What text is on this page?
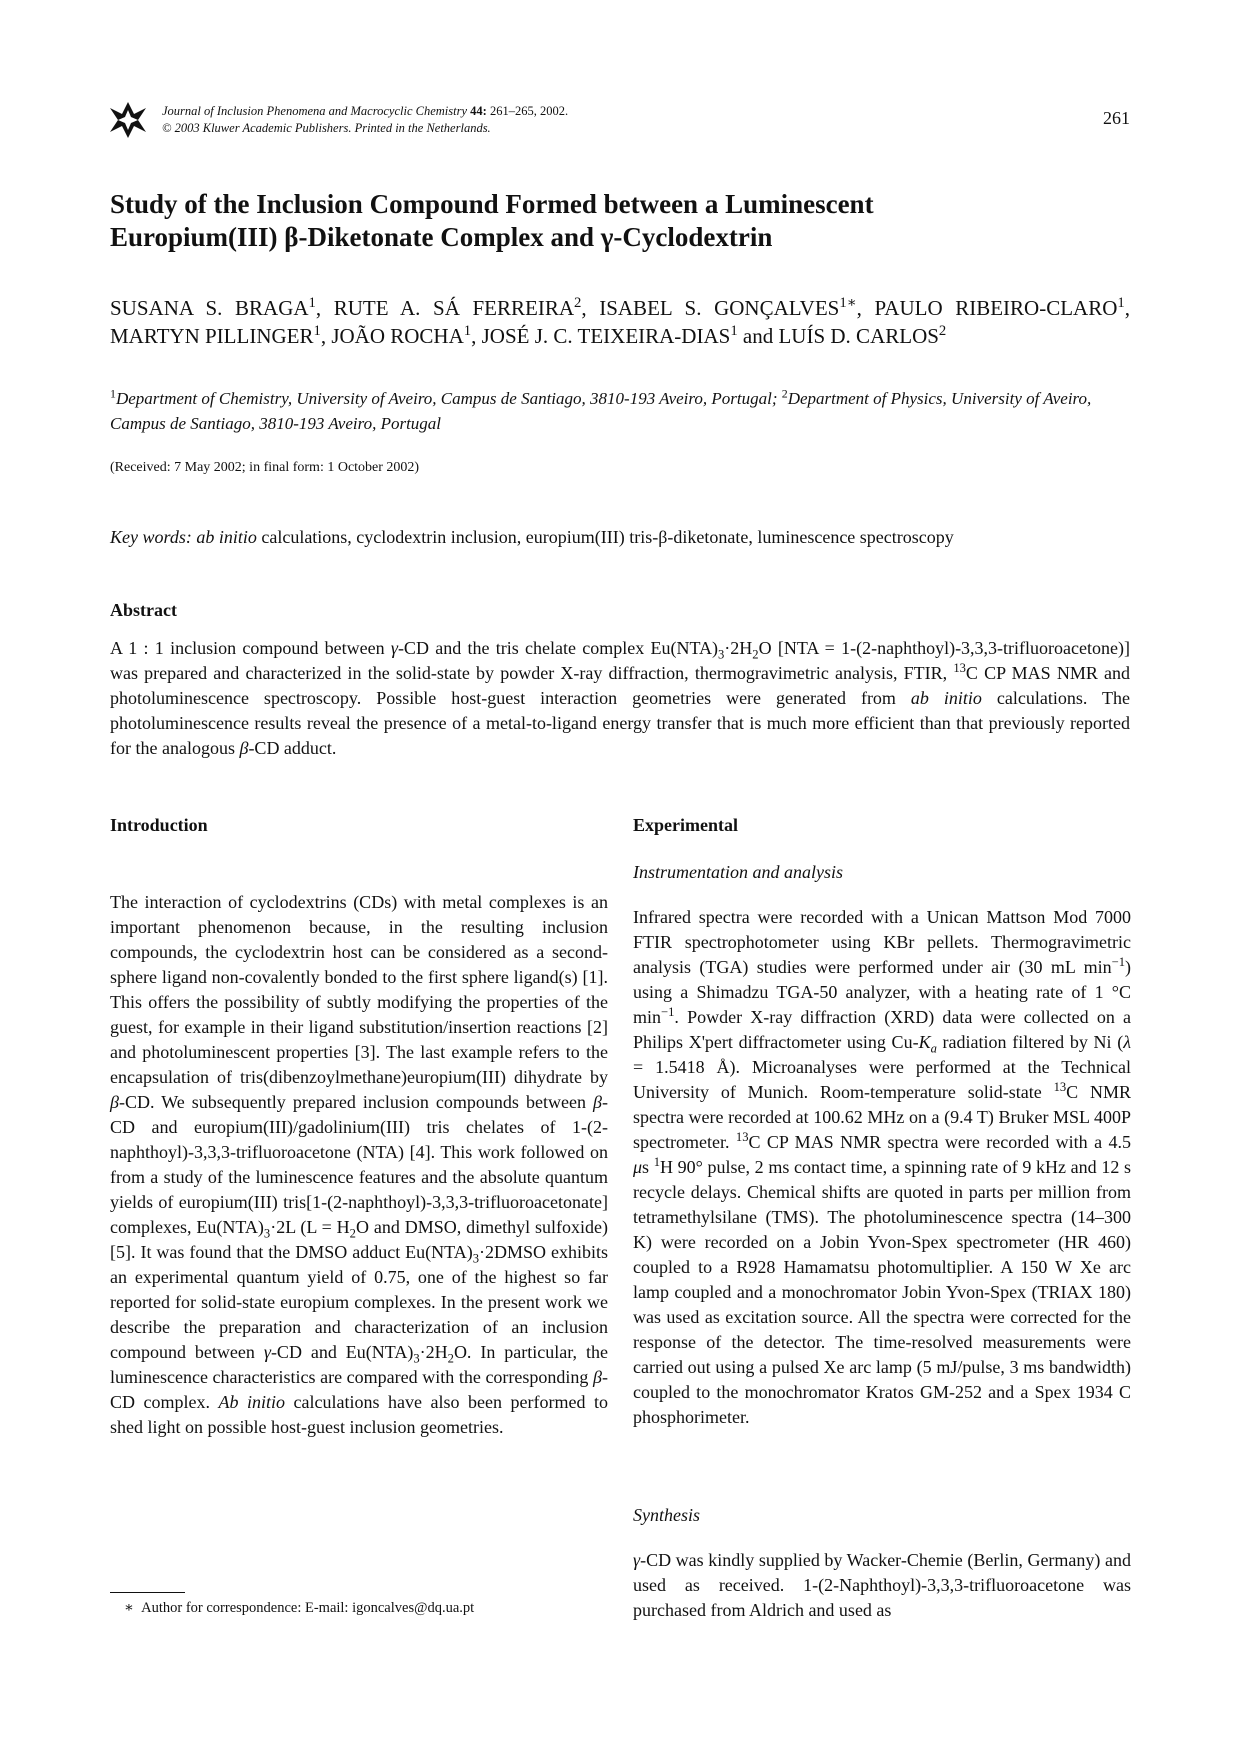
Journal of Inclusion Phenomena and Macrocyclic Chemistry 44: 261–265, 2002.
© 2003 Kluwer Academic Publishers. Printed in the Netherlands.	261
Study of the Inclusion Compound Formed between a Luminescent
Europium(III) β-Diketonate Complex and γ-Cyclodextrin
SUSANA S. BRAGA$^1$, RUTE A. SÁ FERREIRA$^2$, ISABEL S. $GONÇALVES^{1∗}$, PAULO RIBEIRO-CLARO$^1$, MARTYN PILLINGER$^1$, JOÃO ROCHA$^1$, JOSÉ J. C. TEIXEIRA-DIAS$^1$ and LUÍS D. CARLOS$^2$
$^1$Department of Chemistry, University of Aveiro, Campus de Santiago, 3810-193 Aveiro, Portugal; $^2$Department of Physics, University of Aveiro, Campus de Santiago, 3810-193 Aveiro, Portugal
(Received: 7 May 2002; in final form: 1 October 2002)
Key words: ab initio calculations, cyclodextrin inclusion, europium(III) tris-β-diketonate, luminescence spectroscopy
Abstract
A 1 : 1 inclusion compound between γ-CD and the tris chelate complex $Eu(NTA)_3\cdot 2H_2O$ [NTA = 1-(2-naphthoyl)-3,3,3-trifluoroacetone)] was prepared and characterized in the solid-state by powder X-ray diffraction, thermogravimetric analysis, FTIR, $^{13}$C CP MAS NMR and photoluminescence spectroscopy. Possible host-guest interaction geometries were generated from ab initio calculations. The photoluminescence results reveal the presence of a metal-to-ligand energy transfer that is much more efficient than that previously reported for the analogous β-CD adduct.
Introduction
The interaction of cyclodextrins (CDs) with metal complexes is an important phenomenon because, in the resulting inclusion compounds, the cyclodextrin host can be considered as a second-sphere ligand non-covalently bonded to the first sphere ligand(s) [1]. This offers the possibility of subtly modifying the properties of the guest, for example in their ligand substitution/insertion reactions [2] and photoluminescent properties [3]. The last example refers to the encapsulation of tris(dibenzoylmethane)europium(III) dihydrate by β-CD. We subsequently prepared inclusion compounds between β-CD and europium(III)/gadolinium(III) tris chelates of 1-(2-naphthoyl)-3,3,3-trifluoroacetone (NTA) [4]. This work followed on from a study of the luminescence features and the absolute quantum yields of europium(III) tris[1-(2-naphthoyl)-3,3,3-trifluoroacetonate] complexes, $Eu(NTA)_3\cdot 2L$ ($L = H_2O$ and DMSO, dimethyl sulfoxide) [5]. It was found that the DMSO adduct $Eu(NTA)_3\cdot 2DMSO$ exhibits an experimental quantum yield of 0.75, one of the highest so far reported for solid-state europium complexes. In the present work we describe the preparation and characterization of an inclusion compound between γ-CD and $Eu(NTA)_3\cdot 2H_2O$. In particular, the luminescence characteristics are compared with the corresponding β-CD complex. Ab initio calculations have also been performed to shed light on possible host-guest inclusion geometries.
∗  Author for correspondence: E-mail: igoncalves@dq.ua.pt
Experimental
Instrumentation and analysis
Infrared spectra were recorded with a Unican Mattson Mod 7000 FTIR spectrophotometer using KBr pellets. Thermogravimetric analysis (TGA) studies were performed under air (30 mL $\min^{-1}$) using a Shimadzu TGA-50 analyzer, with a heating rate of 1 °C $\min^{-1}$. Powder X-ray diffraction (XRD) data were collected on a Philips X'pert diffractometer using $Cu-K_a$ radiation filtered by Ni (λ = 1.5418 Å). Microanalyses were performed at the Technical University of Munich. Room-temperature solid-state $^{13}$C NMR spectra were recorded at 100.62 MHz on a (9.4 T) Bruker MSL 400P spectrometer. $^{13}$C CP MAS NMR spectra were recorded with a 4.5 μs $^1$H 90° pulse, 2 ms contact time, a spinning rate of 9 kHz and 12 s recycle delays. Chemical shifts are quoted in parts per million from tetramethylsilane (TMS). The photoluminescence spectra (14–300 K) were recorded on a Jobin Yvon-Spex spectrometer (HR 460) coupled to a R928 Hamamatsu photomultiplier. A 150 W Xe arc lamp coupled and a monochromator Jobin Yvon-Spex (TRIAX 180) was used as excitation source. All the spectra were corrected for the response of the detector. The time-resolved measurements were carried out using a pulsed Xe arc lamp (5 mJ/pulse, 3 ms bandwidth) coupled to the monochromator Kratos GM-252 and a Spex 1934 C phosphorimeter.
Synthesis
γ-CD was kindly supplied by Wacker-Chemie (Berlin, Germany) and used as received. 1-(2-Naphthoyl)-3,3,3-trifluoroacetone was purchased from Aldrich and used as
